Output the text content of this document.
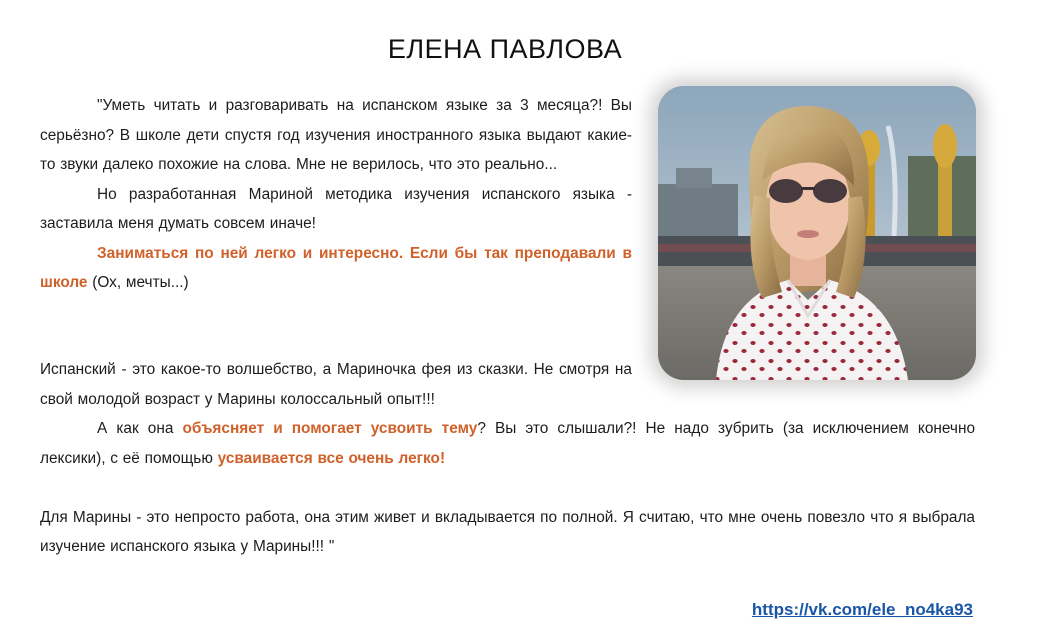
ЕЛЕНА ПАВЛОВА

"Уметь читать и разговаривать на испанском языке за 3 месяца?! Вы серьёзно? В школе дети спустя год изучения иностранного языка выдают какие-то звуки далеко похожие на слова. Мне не верилось, что это реально...

Но разработанная Мариной методика изучения испанского языка - заставила меня думать совсем иначе!

Заниматься по ней легко и интересно. Если бы так преподавали в школе (Ох, мечты...)

Испанский - это какое-то волшебство, а Мариночка фея из сказки. Не смотря на свой молодой возраст у Марины колоссальный опыт!!!

А как она объясняет и помогает усвоить тему? Вы это слышали?! Не надо зубрить (за исключением конечно лексики), с её помощью усваивается все очень легко!

Для Марины - это непросто работа, она этим живет и вкладывается по полной. Я считаю, что мне очень повезло что я выбрала изучение испанского языка у Марины!!! "

https://vk.com/ele_no4ka93
